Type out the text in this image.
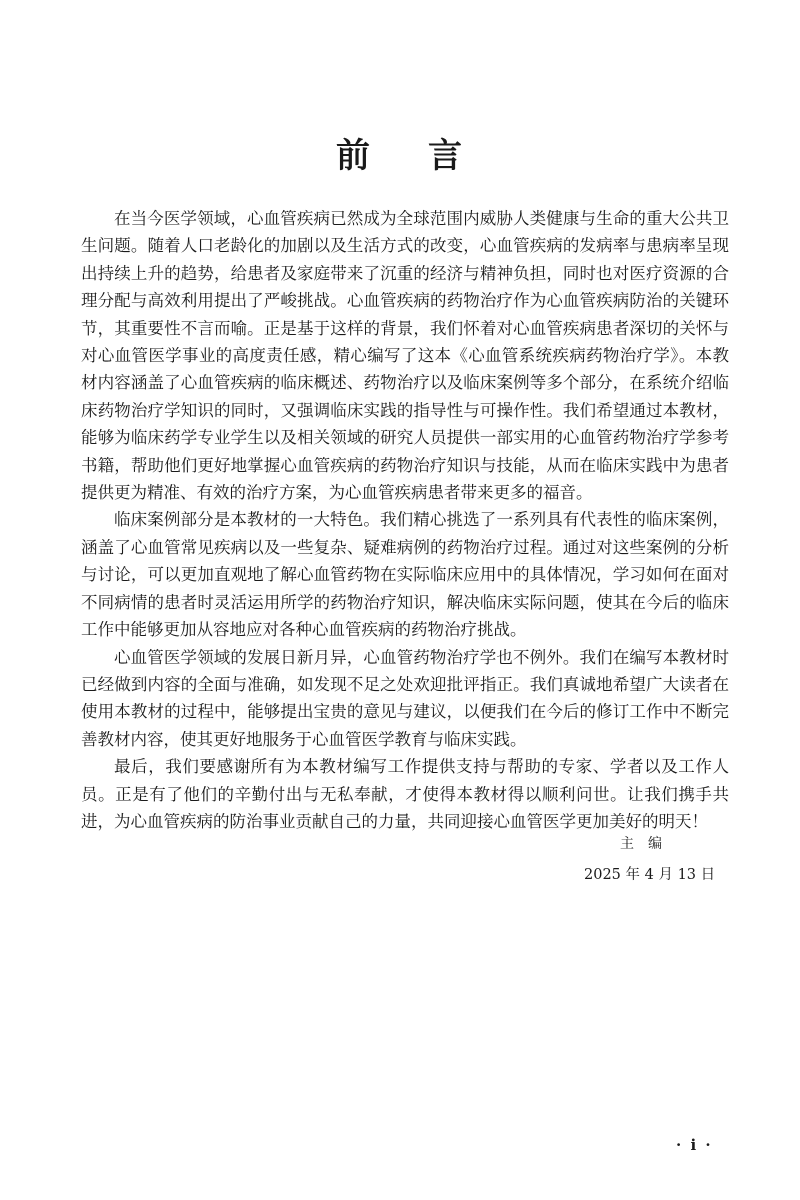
前 言

在当今医学领域，心血管疾病已然成为全球范围内威胁人类健康与生命的重大公共卫生问题。随着人口老龄化的加剧以及生活方式的改变，心血管疾病的发病率与患病率呈现出持续上升的趋势，给患者及家庭带来了沉重的经济与精神负担，同时也对医疗资源的合理分配与高效利用提出了严峻挑战。心血管疾病的药物治疗作为心血管疾病防治的关键环节，其重要性不言而喻。正是基于这样的背景，我们怀着对心血管疾病患者深切的关怀与对心血管医学事业的高度责任感，精心编写了这本《心血管系统疾病药物治疗学》。本教材内容涵盖了心血管疾病的临床概述、药物治疗以及临床案例等多个部分，在系统介绍临床药物治疗学知识的同时，又强调临床实践的指导性与可操作性。我们希望通过本教材，能够为临床药学专业学生以及相关领域的研究人员提供一部实用的心血管药物治疗学参考书籍，帮助他们更好地掌握心血管疾病的药物治疗知识与技能，从而在临床实践中为患者提供更为精准、有效的治疗方案，为心血管疾病患者带来更多的福音。

临床案例部分是本教材的一大特色。我们精心挑选了一系列具有代表性的临床案例，涵盖了心血管常见疾病以及一些复杂、疑难病例的药物治疗过程。通过对这些案例的分析与讨论，可以更加直观地了解心血管药物在实际临床应用中的具体情况，学习如何在面对不同病情的患者时灵活运用所学的药物治疗知识，解决临床实际问题，使其在今后的临床工作中能够更加从容地应对各种心血管疾病的药物治疗挑战。

心血管医学领域的发展日新月异，心血管药物治疗学也不例外。我们在编写本教材时已经做到内容的全面与准确，如发现不足之处欢迎批评指正。我们真诚地希望广大读者在使用本教材的过程中，能够提出宝贵的意见与建议，以便我们在今后的修订工作中不断完善教材内容，使其更好地服务于心血管医学教育与临床实践。

最后，我们要感谢所有为本教材编写工作提供支持与帮助的专家、学者以及工作人员。正是有了他们的辛勤付出与无私奉献，才使得本教材得以顺利问世。让我们携手共进，为心血管疾病的防治事业贡献自己的力量，共同迎接心血管医学更加美好的明天！

主编
2025 年 4 月 13 日
· i ·
